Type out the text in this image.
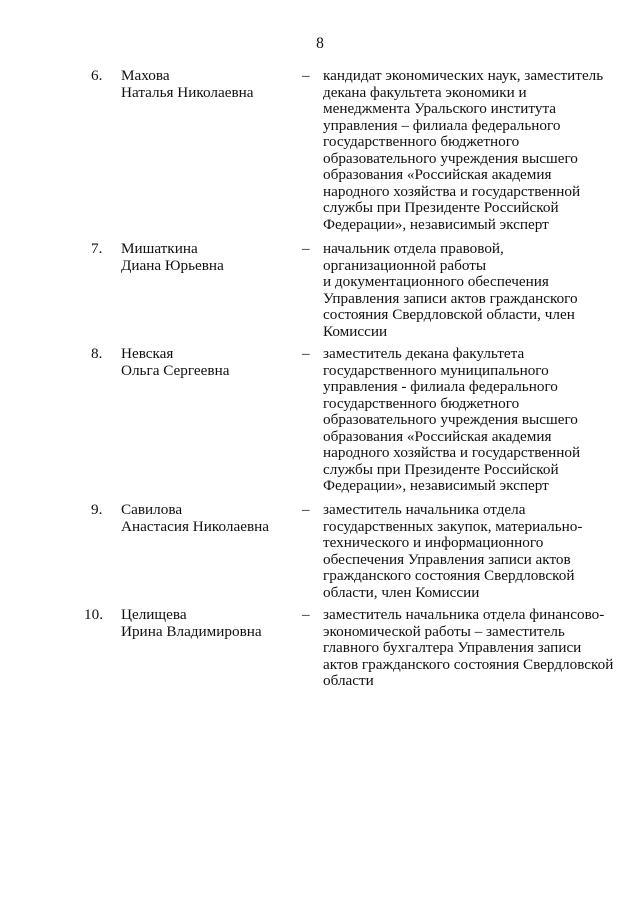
8
6. Махова
Наталья Николаевна
– кандидат экономических наук, заместитель
декана факультета экономики и
менеджмента Уральского института
управления – филиала федерального
государственного бюджетного
образовательного учреждения высшего
образования «Российская академия
народного хозяйства и государственной
службы при Президенте Российской
Федерации», независимый эксперт
7. Мишаткина
Диана Юрьевна
– начальник отдела правовой,
организационной работы
и документационного обеспечения
Управления записи актов гражданского
состояния Свердловской области, член
Комиссии
8. Невская
Ольга Сергеевна
– заместитель декана факультета
государственного муниципального
управления - филиала федерального
государственного бюджетного
образовательного учреждения высшего
образования «Российская академия
народного хозяйства и государственной
службы при Президенте Российской
Федерации», независимый эксперт
9. Савилова
Анастасия Николаевна
– заместитель начальника отдела
государственных закупок, материально-
технического и информационного
обеспечения Управления записи актов
гражданского состояния Свердловской
области, член Комиссии
10. Целищева
Ирина Владимировна
– заместитель начальника отдела финансово-
экономической работы – заместитель
главного бухгалтера Управления записи
актов гражданского состояния Свердловской
области
